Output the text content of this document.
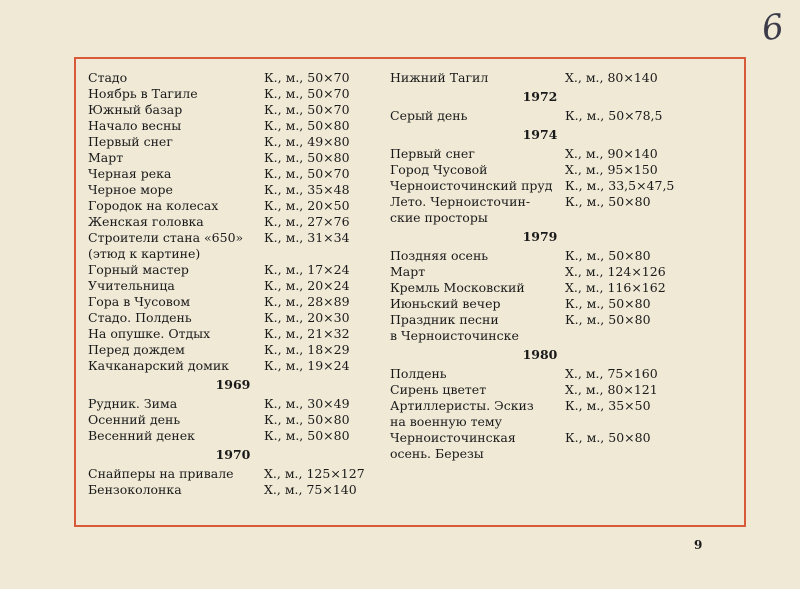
6
Стадо	К., м., 50×70
Ноябрь в Тагиле	К., м., 50×70
Южный базар	К., м., 50×70
Начало весны	К., м., 50×80
Первый снег	К., м., 49×80
Март	К., м., 50×80
Черная река	К., м., 50×70
Черное море	К., м., 35×48
Городок на колесах	К., м., 20×50
Женская головка	К., м., 27×76
Строители стана «650» К., м., 31×34
(этюд к картине)
Горный мастер	К., м., 17×24
Учительница	К., м., 20×24
Гора в Чусовом	К., м., 28×89
Стадо. Полдень	К., м., 20×30
На опушке. Отдых	К., м., 21×32
Перед дождем	К., м., 18×29
Качканарский домик	К., м., 19×24
1969
Рудник. Зима	К., м., 30×49
Осенний день	К., м., 50×80
Весенний денек	К., м., 50×80
1970
Снайперы на привале Х., м., 125×127
Бензоколонка	Х., м., 75×140
Нижний Тагил	Х., м., 80×140
1972
Серый день	К., м., 50×78,5
1974
Первый снег	Х., м., 90×140
Город Чусовой	Х., м., 95×150
Черноисточинский пруд К., м., 33,5×47,5
Лето. Черноисточин-	К., м., 50×80
ские просторы
1979
Поздняя осень	К., м., 50×80
Март	Х., м., 124×126
Кремль Московский	Х., м., 116×162
Июньский вечер	К., м., 50×80
Праздник песни	К., м., 50×80
в Черноисточинске
1980
Полдень	Х., м., 75×160
Сирень цветет	Х., м., 80×121
Артиллеристы. Эскиз	К., м., 35×50
на военную тему
Черноисточинская	К., м., 50×80
осень. Березы
9
